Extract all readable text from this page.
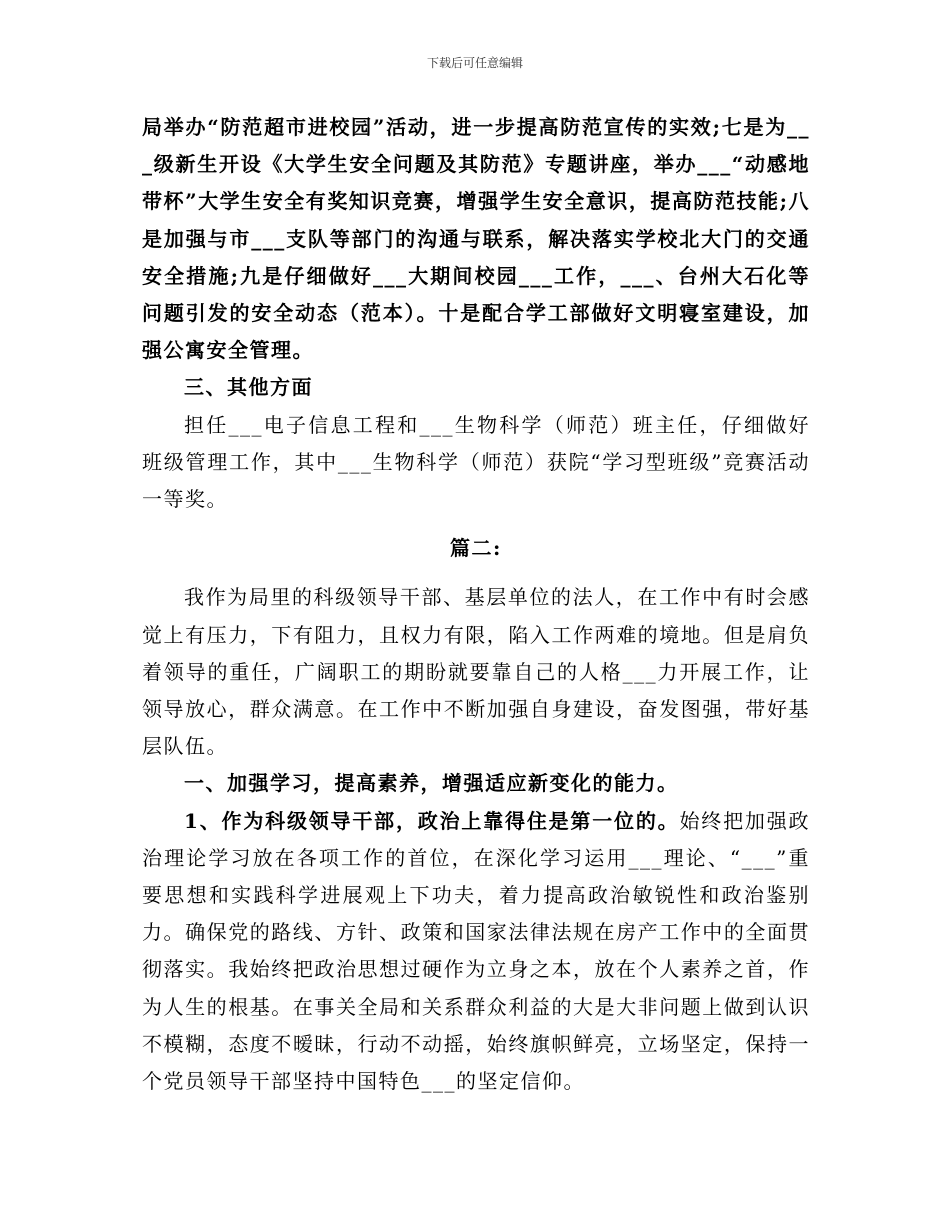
下载后可任意编辑

局举办“防范超市进校园”活动，进一步提高防范宣传的实效;七是为___级新生开设《大学生安全问题及其防范》专题讲座，举办___“动感地带杯”大学生安全有奖知识竞赛，增强学生安全意识，提高防范技能;八是加强与市___支队等部门的沟通与联系，解决落实学校北大门的交通安全措施;九是仔细做好___大期间校园___工作，___、台州大石化等问题引发的安全动态（范本）。十是配合学工部做好文明寝室建设，加强公寓安全管理。

三、其他方面

担任___电子信息工程和___生物科学（师范）班主任，仔细做好班级管理工作，其中___生物科学（师范）获院“学习型班级”竞赛活动一等奖。

篇二:

我作为局里的科级领导干部、基层单位的法人，在工作中有时会感觉上有压力，下有阻力，且权力有限，陷入工作两难的境地。但是肩负着领导的重任，广阔职工的期盼就要靠自己的人格___力开展工作，让领导放心，群众满意。在工作中不断加强自身建设，奋发图强，带好基层队伍。

一、加强学习，提高素养，增强适应新变化的能力。

1、作为科级领导干部，政治上靠得住是第一位的。始终把加强政治理论学习放在各项工作的首位，在深化学习运用___理论、“___”重要思想和实践科学进展观上下功夫，着力提高政治敏锐性和政治鉴别力。确保党的路线、方针、政策和国家法律法规在房产工作中的全面贯彻落实。我始终把政治思想过硬作为立身之本，放在个人素养之首，作为人生的根基。在事关全局和关系群众利益的大是大非问题上做到认识不模糊，态度不暧昧，行动不动摇，始终旗帜鲜亮，立场坚定，保持一个党员领导干部坚持中国特色___的坚定信仰。
